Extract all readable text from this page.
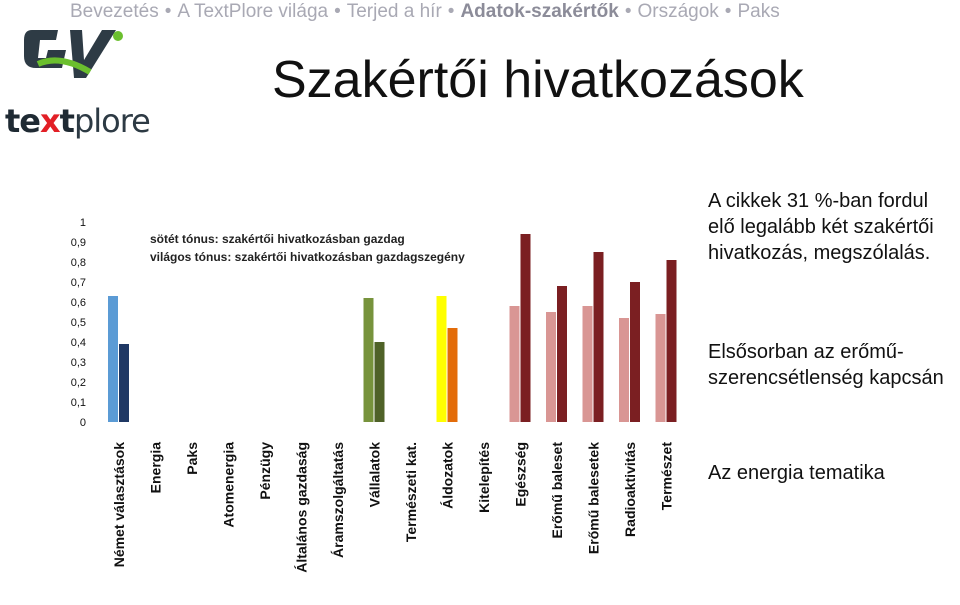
Bevezetés • A TextPlore világa • Terjed a hír • Adatok-szakértők • Országok • Paks
textplore
Szakértői hivatkozások
0
0,1
0,2
0,3
0,4
0,5
0,6
0,7
0,8
0,9
1
sötét tónus: szakértői hivatkozásban gazdag
világos tónus: szakértői hivatkozásban gazdagszegény
Német választások Energia Paks Atomenergia Pénzügy Általános gazdaság Áramszolgáltatás Vállalatok Természeti kat. Áldozatok Kitelepítés Egészség Erőmű baleset Erőmű balesetek Radioaktivitás Természet
A cikkek 31 %-ban fordul elő legalább két szakértői hivatkozás, megszólalás.
Elsősorban az erőmű-szerencsétlenség kapcsán
Az energia tematika
